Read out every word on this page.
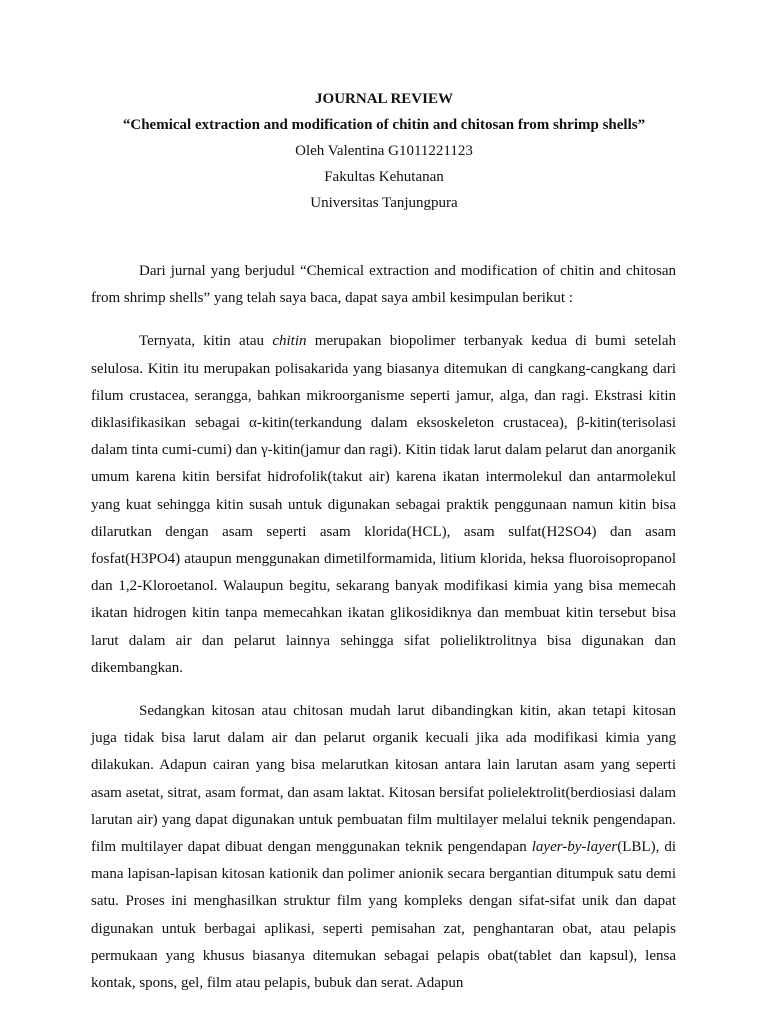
JOURNAL REVIEW
“Chemical extraction and modification of chitin and chitosan from shrimp shells”
Oleh Valentina G1011221123
Fakultas Kehutanan
Universitas Tanjungpura

Dari jurnal yang berjudul “Chemical extraction and modification of chitin and chitosan from shrimp shells” yang telah saya baca, dapat saya ambil kesimpulan berikut :

Ternyata, kitin atau chitin merupakan biopolimer terbanyak kedua di bumi setelah selulosa. Kitin itu merupakan polisakarida yang biasanya ditemukan di cangkang-cangkang dari filum crustacea, serangga, bahkan mikroorganisme seperti jamur, alga, dan ragi. Ekstrasi kitin diklasifikasikan sebagai α-kitin(terkandung dalam eksoskeleton crustacea), β-kitin(terisolasi dalam tinta cumi-cumi) dan γ-kitin(jamur dan ragi). Kitin tidak larut dalam pelarut dan anorganik umum karena kitin bersifat hidrofolik(takut air) karena ikatan intermolekul dan antarmolekul yang kuat sehingga kitin susah untuk digunakan sebagai praktik penggunaan namun kitin bisa dilarutkan dengan asam seperti asam klorida(HCL), asam sulfat(H2SO4) dan asam fosfat(H3PO4) ataupun menggunakan dimetilformamida, litium klorida, heksa fluoroisopropanol dan 1,2-Kloroetanol. Walaupun begitu, sekarang banyak modifikasi kimia yang bisa memecah ikatan hidrogen kitin tanpa memecahkan ikatan glikosidiknya dan membuat kitin tersebut bisa larut dalam air dan pelarut lainnya sehingga sifat polieliktrolitnya bisa digunakan dan dikembangkan.

Sedangkan kitosan atau chitosan mudah larut dibandingkan kitin, akan tetapi kitosan juga tidak bisa larut dalam air dan pelarut organik kecuali jika ada modifikasi kimia yang dilakukan. Adapun cairan yang bisa melarutkan kitosan antara lain larutan asam yang seperti asam asetat, sitrat, asam format, dan asam laktat. Kitosan bersifat polielektrolit(berdiosiasi dalam larutan air) yang dapat digunakan untuk pembuatan film multilayer melalui teknik pengendapan. film multilayer dapat dibuat dengan menggunakan teknik pengendapan layer-by-layer(LBL), di mana lapisan-lapisan kitosan kationik dan polimer anionik secara bergantian ditumpuk satu demi satu. Proses ini menghasilkan struktur film yang kompleks dengan sifat-sifat unik dan dapat digunakan untuk berbagai aplikasi, seperti pemisahan zat, penghantaran obat, atau pelapis permukaan yang khusus biasanya ditemukan sebagai pelapis obat(tablet dan kapsul), lensa kontak, spons, gel, film atau pelapis, bubuk dan serat. Adapun
